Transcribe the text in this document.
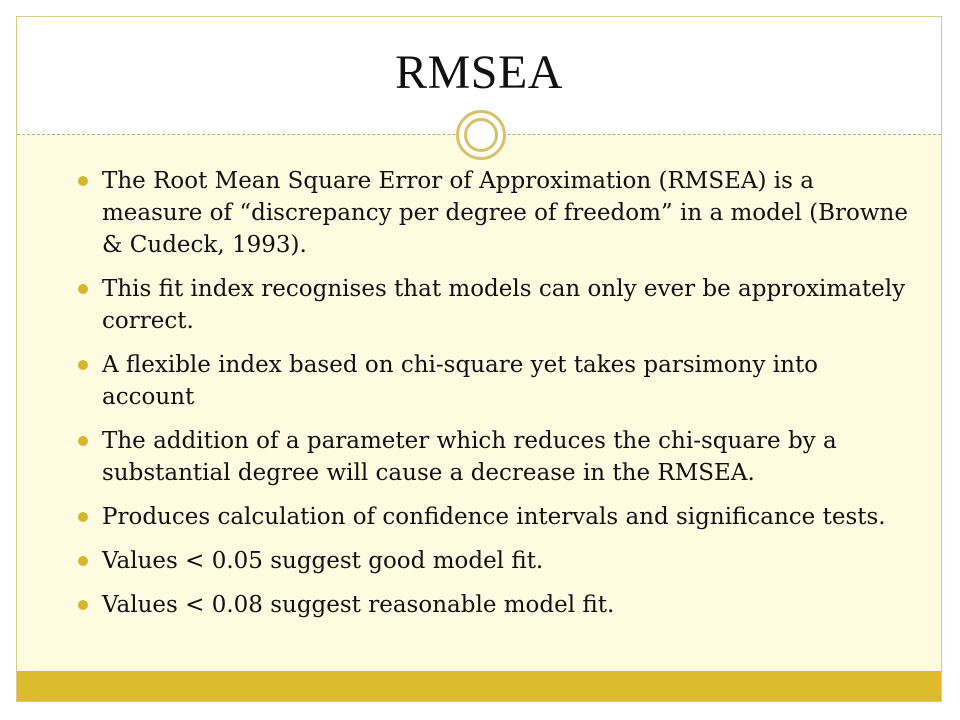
RMSEA
The Root Mean Square Error of Approximation (RMSEA) is a measure of “discrepancy per degree of freedom” in a model (Browne & Cudeck, 1993).
This fit index recognises that models can only ever be approximately correct.
A flexible index based on chi-square yet takes parsimony into account
The addition of a parameter which reduces the chi-square by a substantial degree will cause a decrease in the RMSEA.
Produces calculation of confidence intervals and significance tests.
Values < 0.05 suggest good model fit.
Values < 0.08 suggest reasonable model fit.
